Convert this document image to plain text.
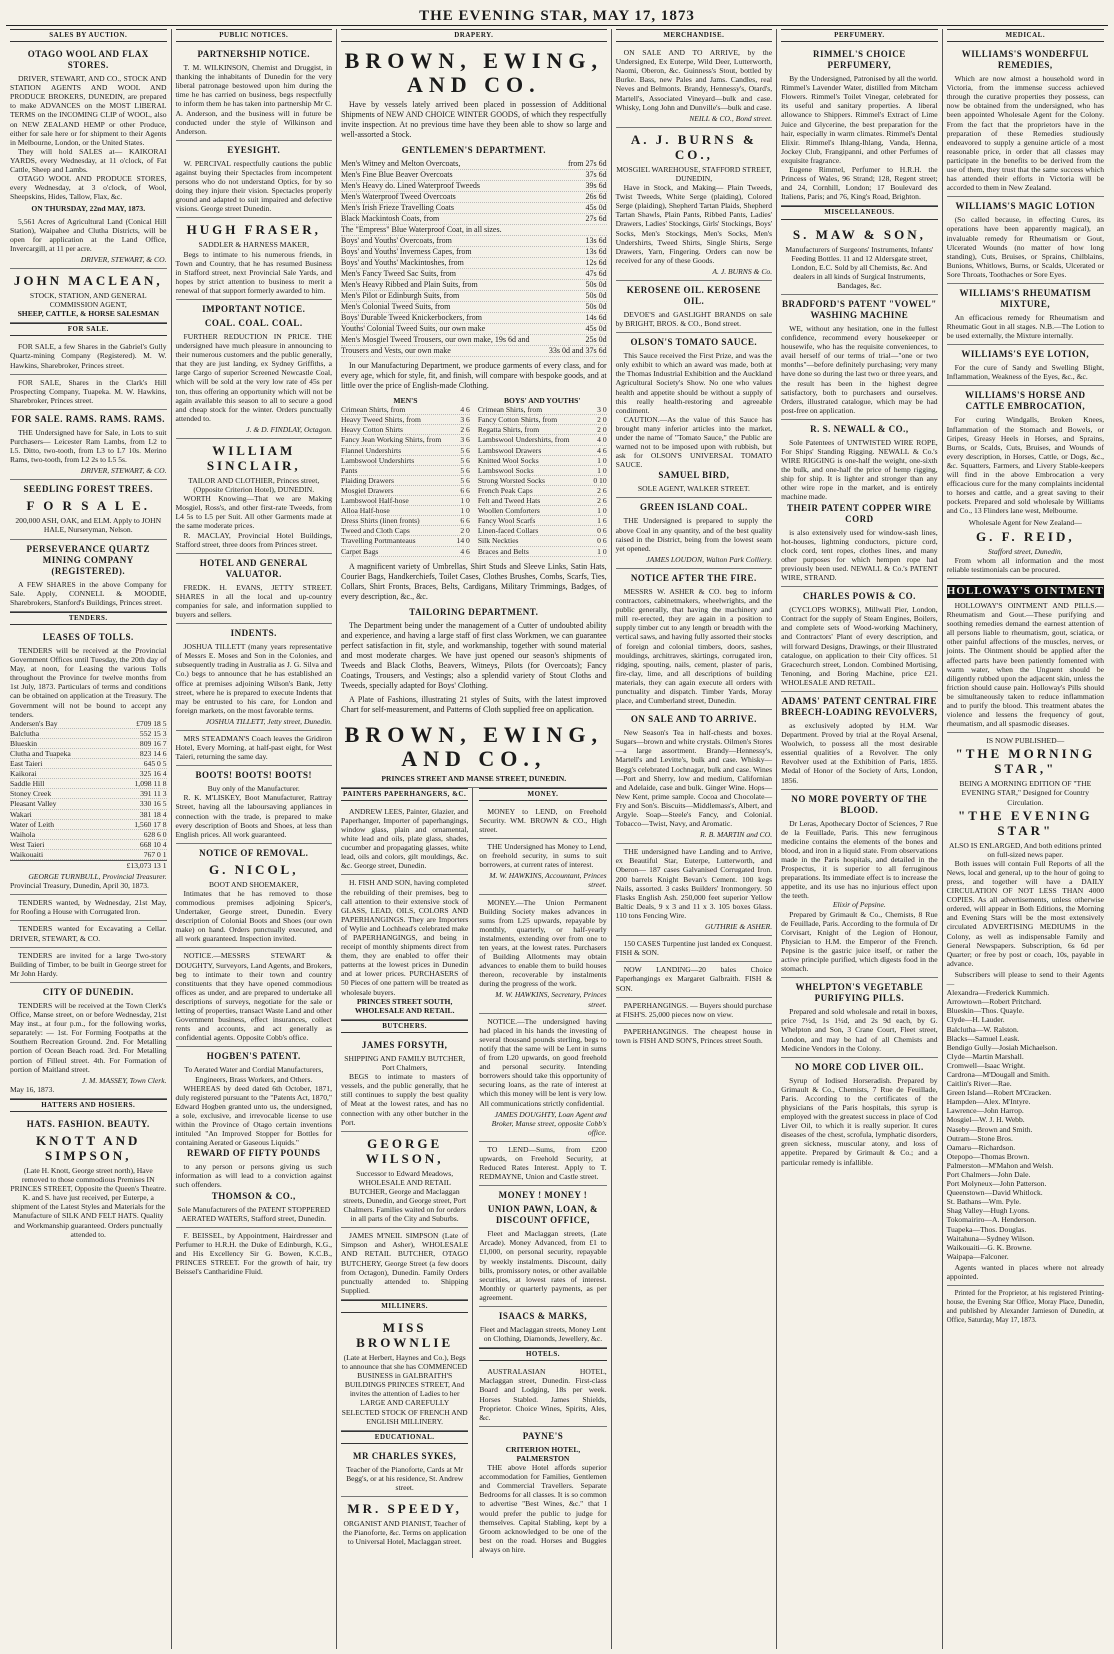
THE EVENING STAR, MAY 17, 1873
SALES BY AUCTION.
OTAGO WOOL AND FLAX STORES.
DRIVER, STEWART, AND CO., STOCK AND STATION AGENTS AND WOOL AND PRODUCE BROKERS, DUNEDIN, are prepared to make ADVANCES on the MOST LIBERAL TERMS on the INCOMING CLIP of WOOL, also on NEW ZEALAND HEMP or other Produce, either for sale here or for shipment to their Agents in Melbourne, London, or the United States.
They will hold SALES at— KAIKORAI YARDS, every Wednesday, at 11 o'clock, of Fat Cattle, Sheep and Lambs.
OTAGO WOOL AND PRODUCE STORES, every Wednesday, at 3 o'clock, of Wool, Sheepskins, Hides, Tallow, Flax, &c.
ON THURSDAY, 22nd MAY, 1873.
5,561 Acres of Agricultural Land (Conical Hill Station), Waipahee and Clutha Districts, will be open for application at the Land Office, Invercargill, at 11 per acre.
DRIVER, STEWART, & CO.
JOHN MACLEAN,
STOCK, STATION, AND GENERAL COMMISSION AGENT,
SHEEP, CATTLE, & HORSE SALESMAN
FOR SALE.
FOR SALE, a few Shares in the Gabriel's Gully Quartz-mining Company (Registered). M. W. Hawkins, Sharebroker, Princes street.
FOR SALE, Shares in the Clark's Hill Prospecting Company, Tuapeka. M. W. Hawkins, Sharebroker, Princes street.
FOR SALE. RAMS. RAMS. RAMS.
THE Undersigned have for Sale, in Lots to suit Purchasers— Leicester Ram Lambs, from L2 to L5. Ditto, two-tooth, from L3 to L7 10s. Merino Rams, two-tooth, from L2 2s to L5 5s.
DRIVER, STEWART, & CO.
SEEDLING FOREST TREES.
F O R S A L E.
200,000 ASH, OAK, and ELM. Apply to JOHN HALE, Nurseryman, Nelson.
PERSEVERANCE QUARTZ MINING COMPANY (REGISTERED).
A FEW SHARES in the above Company for Sale. Apply, CONNELL & MOODIE, Sharebrokers, Stanford's Buildings, Princes street.
TENDERS.
LEASES OF TOLLS.
TENDERS will be received at the Provincial Government Offices until Tuesday, the 20th day of May, at noon, for Leasing the various Tolls throughout the Province for twelve months from 1st July, 1873. Particulars of terms and conditions can be obtained on application at the Treasury. The Government will not be bound to accept any tenders.
Andersen's Bay	£709 18 5
Balclutha	552 15 3
Blueskin	809 16 7
Clutha and Tuapeka	823 14 6
East Taieri	645 0 5
Kaikorai	325 16 4
Saddle Hill	1,098 11 8
Stoney Creek	391 11 3
Pleasant Valley	330 16 5
Wakari	381 18 4
Water of Leith	1,560 17 8
Waihola	628 6 0
West Taieri	668 10 4
Waikouaiti	767 0 1
£13,073 13 1
GEORGE TURNBULL, Provincial Treasurer.
Provincial Treasury, Dunedin, April 30, 1873.
TENDERS wanted, by Wednesday, 21st May, for Roofing a House with Corrugated Iron.
TENDERS wanted for Excavating a Cellar. DRIVER, STEWART, & CO.
TENDERS are invited for a large Two-story Building of Timber, to be built in George street for Mr John Hardy.
CITY OF DUNEDIN.
TENDERS will be received at the Town Clerk's Office, Manse street, on or before Wednesday, 21st May inst., at four p.m., for the following works, separately: — 1st. For Forming Footpaths at the Southern Recreation Ground. 2nd. For Metalling portion of Ocean Beach road. 3rd. For Metalling portion of Filleul street. 4th. For Formation of portion of Maitland street.
J. M. MASSEY, Town Clerk.
May 16, 1873.
HATTERS AND HOSIERS.
HATS. FASHION. BEAUTY.
KNOTT AND SIMPSON,
(Late H. Knott, George street north), Have removed to those commodious Premises IN PRINCES STREET, Opposite the Queen's Theatre. K. and S. have just received, per Euterpe, a shipment of the Latest Styles and Materials for the Manufacture of SILK AND FELT HATS. Quality and Workmanship guaranteed. Orders punctually attended to.
PUBLIC NOTICES.
PARTNERSHIP NOTICE.
T. M. WILKINSON, Chemist and Druggist, in thanking the inhabitants of Dunedin for the very liberal patronage bestowed upon him during the time he has carried on business, begs respectfully to inform them he has taken into partnership Mr C. A. Anderson, and the business will in future be conducted under the style of Wilkinson and Anderson.
EYESIGHT.
W. PERCIVAL respectfully cautions the public against buying their Spectacles from incompetent persons who do not understand Optics, for by so doing they injure their vision. Spectacles properly ground and adapted to suit impaired and defective visions. George street Dunedin.
HUGH FRASER,
SADDLER & HARNESS MAKER,
Begs to intimate to his numerous friends, in Town and Country, that he has resumed Business in Stafford street, next Provincial Sale Yards, and hopes by strict attention to business to merit a renewal of that support formerly awarded to him.
IMPORTANT NOTICE.
COAL. COAL. COAL.
FURTHER REDUCTION IN PRICE. THE undersigned have much pleasure in announcing to their numerous customers and the public generally, that they are just landing, ex Sydney Griffiths, a large Cargo of superior Screened Newcastle Coal, which will be sold at the very low rate of 45s per ton, thus offering an opportunity which will not be again available this season to all to secure a good and cheap stock for the winter. Orders punctually attended to.
J. & D. FINDLAY, Octagon.
WILLIAM SINCLAIR,
TAILOR AND CLOTHIER, Princes street, (Opposite Criterion Hotel), DUNEDIN.
WORTH Knowing—That we are Making Mosgiel, Ross's, and other first-rate Tweeds, from L4 5s to L5 per Suit. All other Garments made at the same moderate prices.
R. MACLAY, Provincial Hotel Buildings, Stafford street, three doors from Princes street.
HOTEL AND GENERAL VALUATOR.
FREDK. H. EVANS, JETTY STREET. SHARES in all the local and up-country companies for sale, and information supplied to buyers and sellers.
INDENTS.
JOSHUA TILLETT (many years representative of Messrs E. Moses and Son in the Colonies, and subsequently trading in Australia as J. G. Silva and Co.) begs to announce that he has established an office at premises adjoining Wilson's Bank, Jetty street, where he is prepared to execute Indents that may be entrusted to his care, for London and foreign markets, on the most favorable terms.
JOSHUA TILLETT, Jetty street, Dunedin.
MRS STEADMAN'S Coach leaves the Gridiron Hotel, Every Morning, at half-past eight, for West Taieri, returning the same day.
BOOTS! BOOTS! BOOTS!
Buy only of the Manufacturer.
R. K. M'LISKEY, Boot Manufacturer, Rattray Street, having all the laboursaving appliances in connection with the trade, is prepared to make every description of Boots and Shoes, at less than English prices. All work guaranteed.
NOTICE OF REMOVAL.
G. NICOL,
BOOT AND SHOEMAKER,
Intimates that he has removed to those commodious premises adjoining Spicer's, Undertaker, George street, Dunedin. Every description of Colonial Boots and Shoes (our own make) on hand. Orders punctually executed, and all work guaranteed. Inspection invited.
NOTICE.—MESSRS STEWART & DOUGHTY, Surveyors, Land Agents, and Brokers, beg to intimate to their town and country constituents that they have opened commodious offices as under, and are prepared to undertake all descriptions of surveys, negotiate for the sale or letting of properties, transact Waste Land and other Government business, effect insurances, collect rents and accounts, and act generally as confidential agents. Opposite Cobb's office.
HOGBEN'S PATENT.
To Aerated Water and Cordial Manufacturers, Engineers, Brass Workers, and Others.
WHEREAS by deed dated 6th October, 1871, duly registered pursuant to the "Patents Act, 1870," Edward Hogben granted unto us, the undersigned, a sole, exclusive, and irrevocable license to use within the Province of Otago certain inventions intituled "An Improved Stopper for Bottles for containing Aerated or Gaseous Liquids."
REWARD OF FIFTY POUNDS
to any person or persons giving us such information as will lead to a conviction against such offenders.
THOMSON & CO.,
Sole Manufacturers of the PATENT STOPPERED AERATED WATERS, Stafford street, Dunedin.
F. BEISSEL, by Appointment, Hairdresser and Perfumer to H.R.H. the Duke of Edinburgh, K.G., and His Excellency Sir G. Bowen, K.C.B., PRINCES STREET. For the growth of hair, try Beissel's Cantharidine Fluid.
DRAPERY.
BROWN, EWING, AND CO.
Have by vessels lately arrived been placed in possession of Additional Shipments of NEW AND CHOICE WINTER GOODS, of which they respectfully invite inspection. At no previous time have they been able to show so large and well-assorted a Stock.
GENTLEMEN'S DEPARTMENT.
Men's Witney and Melton Overcoats,	from 27s 6d
Men's Fine Blue Beaver Overcoats	37s 6d
Men's Heavy do. Lined Waterproof Tweeds	39s 6d
Men's Waterproof Tweed Overcoats	26s 6d
Men's Irish Frieze Travelling Coats	45s 0d
Black Mackintosh Coats, from	27s 6d
The "Empress" Blue Waterproof Coat, in all sizes.
Boys' and Youths' Overcoats, from	13s 6d
Boys' and Youths' Inverness Capes, from	13s 6d
Boys' and Youths' Mackintoshes, from	12s 6d
Men's Fancy Tweed Sac Suits, from	47s 6d
Men's Heavy Ribbed and Plain Suits, from	50s 0d
Men's Pilot or Edinburgh Suits, from	50s 0d
Men's Colonial Tweed Suits, from	50s 0d
Boys' Durable Tweed Knickerbockers, from	14s 6d
Youths' Colonial Tweed Suits, our own make	45s 0d
Men's Mosgiel Tweed Trousers, our own make, 19s 6d and	25s 0d
Trousers and Vests, our own make	33s 0d and 37s 6d
In our Manufacturing Department, we produce garments of every class, and for every age, which for style, fit, and finish, will compare with bespoke goods, and at little over the price of English-made Clothing.
MEN'S
Crimean Shirts, from	4 6
Heavy Tweed Shirts, from	3 6
Heavy Cotton Shirts	2 6
Fancy Jean Working Shirts, from	3 6
Flannel Undershirts	5 6
Lambswool Undershirts	5 6
Pants	5 6
Plaiding Drawers	5 6
Mosgiel Drawers	6 6
Lambswool Half-hose	1 0
Alloa Half-hose	1 0
Dress Shirts (linen fronts)	6 6
Tweed and Cloth Caps	2 0
Travelling Portmanteaus	14 0
Carpet Bags	4 6
BOYS' AND YOUTHS'
Crimean Shirts, from	3 0
Fancy Cotton Shirts, from	2 0
Regatta Shirts, from	2 0
Lambswool Undershirts, from	4 0
Lambswool Drawers	4 6
Knitted Wool Socks	1 0
Lambswool Socks	1 0
Strong Worsted Socks	0 10
French Peak Caps	2 6
Felt and Tweed Hats	2 6
Woollen Comforters	1 0
Fancy Wool Scarfs	1 6
Linen-faced Collars	0 6
Silk Neckties	0 6
Braces and Belts	1 0
A magnificent variety of Umbrellas, Shirt Studs and Sleeve Links, Satin Hats, Courier Bags, Handkerchiefs, Toilet Cases, Clothes Brushes, Combs, Scarfs, Ties, Collars, Shirt Fronts, Braces, Belts, Cardigans, Military Trimmings, Badges, of every description, &c., &c.
TAILORING DEPARTMENT.
The Department being under the management of a Cutter of undoubted ability and experience, and having a large staff of first class Workmen, we can guarantee perfect satisfaction in fit, style, and workmanship, together with sound material and most moderate charges. We have just opened our season's shipments of Tweeds and Black Cloths, Beavers, Witneys, Pilots (for Overcoats); Fancy Coatings, Trousers, and Vestings; also a splendid variety of Stout Cloths and Tweeds, specially adapted for Boys' Clothing.
A Plate of Fashions, illustrating 21 styles of Suits, with the latest improved Chart for self-measurement, and Patterns of Cloth supplied free on application.
BROWN, EWING, AND CO.,
PRINCES STREET AND MANSE STREET, DUNEDIN.
PAINTERS PAPERHANGERS, &C.
ANDREW LEES, Painter, Glazier, and Paperhanger, Importer of paperhangings, window glass, plain and ornamental, white lead and oils, plate glass, shades, cucumber and propagating glasses, white lead, oils and colors, gilt mouldings, &c. &c. George street, Dunedin.
H. FISH AND SON, having completed the rebuilding of their premises, beg to call attention to their extensive stock of GLASS, LEAD, OILS, COLORS AND PAPERHANGINGS. They are Importers of Wylie and Lochhead's celebrated make of PAPERHANGINGS, and being in receipt of monthly shipments direct from them, they are enabled to offer their patterns at the lowest prices in Dunedin and at lower prices. PURCHASERS of 50 Pieces of one pattern will be treated as wholesale buyers.
PRINCES STREET SOUTH, WHOLESALE AND RETAIL.
BUTCHERS.
JAMES FORSYTH,
SHIPPING AND FAMILY BUTCHER, Port Chalmers,
BEGS to intimate to masters of vessels, and the public generally, that he still continues to supply the best quality of Meat at the lowest rates, and has no connection with any other butcher in the Port.
GEORGE WILSON,
Successor to Edward Meadows, WHOLESALE AND RETAIL BUTCHER, George and Maclaggan streets, Dunedin, and George street, Port Chalmers. Families waited on for orders in all parts of the City and Suburbs.
JAMES M'NEIL SIMPSON (Late of Simpson and Asher), WHOLESALE AND RETAIL BUTCHER, OTAGO BUTCHERY, George Street (a few doors from Octagon), Dunedin. Family Orders punctually attended to. Shipping Supplied.
MILLINERS.
MISS BROWNLIE
(Late at Herbert, Haynes and Co.), Begs to announce that she has COMMENCED BUSINESS in GALBRAITH'S BUILDINGS PRINCES STREET, And invites the attention of Ladies to her LARGE AND CAREFULLY SELECTED STOCK OF FRENCH AND ENGLISH MILLINERY.
EDUCATIONAL.
MR CHARLES SYKES,
Teacher of the Pianoforte, Cards at Mr Begg's, or at his residence, St. Andrew street.
MR. SPEEDY,
ORGANIST AND PIANIST, Teacher of the Pianoforte, &c. Terms on application to Universal Hotel, Maclaggan street.
MONEY.
MONEY to LEND, on Freehold Security. WM. BROWN & CO., High street.
THE Undersigned has Money to Lend, on freehold security, in sums to suit borrowers, at current rates of interest.
M. W. HAWKINS, Accountant, Princes street.
MONEY.—The Union Permanent Building Society makes advances in sums from L25 upwards, repayable by monthly, quarterly, or half-yearly instalments, extending over from one to ten years, at the lowest rates. Purchasers of Building Allotments may obtain advances to enable them to build houses thereon, recoverable by instalments during the progress of the work.
M. W. HAWKINS, Secretary, Princes street.
NOTICE.—The undersigned having had placed in his hands the investing of several thousand pounds sterling, begs to notify that the same will be Lent in sums of from L20 upwards, on good freehold and personal security. Intending borrowers should take this opportunity of securing loans, as the rate of interest at which this money will be lent is very low. All communications strictly confidential.
JAMES DOUGHTY, Loan Agent and Broker, Manse street, opposite Cobb's office.
TO LEND—Sums, from £200 upwards, on Freehold Security, at Reduced Rates Interest. Apply to T. REDMAYNE, Union and Castle street.
MONEY ! MONEY !
UNION PAWN, LOAN, & DISCOUNT OFFICE,
Fleet and Maclaggan streets, (Late Arcade). Money Advanced, from £1 to £1,000, on personal security, repayable by weekly instalments. Discount, daily bills, promissory notes, or other available securities, at lowest rates of interest. Monthly or quarterly payments, as per agreement.
ISAACS & MARKS,
Fleet and Maclaggan streets, Money Lent on Clothing, Diamonds, Jewellery, &c.
HOTELS.
AUSTRALASIAN HOTEL, Maclaggan street, Dunedin. First-class Board and Lodging, 18s per week. Horses Stabled. James Shields, Proprietor. Choice Wines, Spirits, Ales, &c.
PAYNE'S
CRITERION HOTEL, PALMERSTON
THE above Hotel affords superior accommodation for Families, Gentlemen and Commercial Travellers. Separate Bedrooms for all classes. It is so common to advertise "Best Wines, &c." that I would prefer the public to judge for themselves. Capital Stabling, kept by a Groom acknowledged to be one of the best on the road. Horses and Buggies always on hire.
MERCHANDISE.
ON SALE AND TO ARRIVE, by the Undersigned, Ex Euterpe, Wild Deer, Lutterworth, Naomi, Oberon, &c. Guinness's Stout, bottled by Burke. Bass, new Pales and Jams. Candles, real Neves and Belmonts. Brandy, Hennessy's, Otard's, Martell's, Associated Vineyard—bulk and case. Whisky, Long John and Dunville's—bulk and case.
NEILL & CO., Bond street.
A. J. BURNS & CO.,
MOSGIEL WAREHOUSE, STAFFORD STREET, DUNEDIN,
Have in Stock, and Making— Plain Tweeds, Twist Tweeds, White Serge (plaiding), Colored Serge (plaiding), Shepherd Tartan Plaids, Shepherd Tartan Shawls, Plain Pants, Ribbed Pants, Ladies' Drawers, Ladies' Stockings, Girls' Stockings, Boys' Socks, Men's Stockings, Men's Socks, Men's Undershirts, Tweed Shirts, Single Shirts, Serge Drawers, Yarn, Fingering. Orders can now be received for any of these Goods.
A. J. BURNS & Co.
KEROSENE OIL. KEROSENE OIL.
DEVOE'S and GASLIGHT BRANDS on sale by BRIGHT, BROS. & CO., Bond street.
OLSON'S TOMATO SAUCE.
This Sauce received the First Prize, and was the only exhibit to which an award was made, both at the Thomas Industrial Exhibition and the Auckland Agricultural Society's Show. No one who values health and appetite should be without a supply of this really health-restoring and agreeable condiment.
CAUTION.—As the value of this Sauce has brought many inferior articles into the market, under the name of "Tomato Sauce," the Public are warned not to be imposed upon with rubbish, but ask for OLSON'S UNIVERSAL TOMATO SAUCE.
SAMUEL BIRD,
SOLE AGENT, WALKER STREET.
GREEN ISLAND COAL.
THE Undersigned is prepared to supply the above Coal in any quantity, and of the best quality raised in the District, being from the lowest seam yet opened.
JAMES LOUDON, Walton Park Colliery.
NOTICE AFTER THE FIRE.
MESSRS W. ASHER & CO. beg to inform contractors, cabinetmakers, wheelwrights, and the public generally, that having the machinery and mill re-erected, they are again in a position to supply timber cut to any length or breadth with the vertical saws, and having fully assorted their stocks of foreign and colonial timbers, doors, sashes, mouldings, architraves, skirtings, corrugated iron, ridging, spouting, nails, cement, plaster of paris, fire-clay, lime, and all descriptions of building materials, they can again execute all orders with punctuality and dispatch. Timber Yards, Moray place, and Cumberland street, Dunedin.
ON SALE AND TO ARRIVE.
New Season's Tea in half-chests and boxes. Sugars—brown and white crystals. Oilmen's Stores—a large assortment. Brandy—Hennessy's, Martell's and Levitte's, bulk and case. Whisky—Begg's celebrated Lochnagar, bulk and case. Wines—Port and Sherry, low and medium, Californian and Adelaide, case and bulk. Ginger Wine. Hops—New Kent, prime sample. Cocoa and Chocolate—Fry and Son's. Biscuits—Middlemass's, Albert, and Argyle. Soap—Steele's Fancy, and Colonial. Tobacco—Twist, Navy, and Aromatic.
R. B. MARTIN and CO.
THE undersigned have Landing and to Arrive, ex Beautiful Star, Euterpe, Lutterworth, and Oberon— 187 cases Galvanised Corrugated Iron. 200 barrels Knight Bevan's Cement. 100 kegs Nails, assorted. 3 casks Builders' Ironmongery. 50 Flasks English Ash. 250,000 feet superior Yellow Baltic Deals, 9 x 3 and 11 x 3. 105 boxes Glass. 110 tons Fencing Wire.
GUTHRIE & ASHER.
150 CASES Turpentine just landed ex Conquest. FISH & SON.
NOW LANDING—20 bales Choice Paperhangings ex Margaret Galbraith. FISH & SON.
PAPERHANGINGS. — Buyers should purchase at FISH'S. 25,000 pieces now on view.
PAPERHANGINGS. The cheapest house in town is FISH AND SON'S, Princes street South.
PERFUMERY.
RIMMEL'S CHOICE PERFUMERY,
By the Undersigned, Patronised by all the world. Rimmel's Lavender Water, distilled from Mitcham Flowers. Rimmel's Toilet Vinegar, celebrated for its useful and sanitary properties. A liberal allowance to Shippers. Rimmel's Extract of Lime Juice and Glycerine, the best preparation for the hair, especially in warm climates. Rimmel's Dental Elixir. Rimmel's Ihlang-Ihlang, Vanda, Henna, Jockey Club, Frangipanni, and other Perfumes of exquisite fragrance.
Eugene Rimmel, Perfumer to H.R.H. the Princess of Wales, 96 Strand; 128, Regent street; and 24, Cornhill, London; 17 Boulevard des Italiens, Paris; and 76, King's Road, Brighton.
MISCELLANEOUS.
S. MAW & SON,
Manufacturers of Surgeons' Instruments, Infants' Feeding Bottles. 11 and 12 Aldersgate street, London, E.C. Sold by all Chemists, &c. And dealers in all kinds of Surgical Instruments, Bandages, &c.
BRADFORD'S PATENT "VOWEL" WASHING MACHINE
WE, without any hesitation, one in the fullest confidence, recommend every housekeeper or housewife, who has the requisite conveniences, to avail herself of our terms of trial—"one or two months"—before definitely purchasing; very many have done so during the last two or three years, and the result has been in the highest degree satisfactory, both to purchasers and ourselves. Orders, illustrated catalogue, which may be had post-free on application.
R. S. NEWALL & CO.,
Sole Patentees of UNTWISTED WIRE ROPE, For Ships' Standing Rigging. NEWALL & Co.'s WIRE RIGGING is one-half the weight, one-sixth the bulk, and one-half the price of hemp rigging, ship for ship. It is lighter and stronger than any other wire rope in the market, and is entirely machine made.
THEIR PATENT COPPER WIRE CORD
is also extensively used for window-sash lines, hot-houses, lightning conductors, picture cord, clock cord, tent ropes, clothes lines, and many other purposes for which hempen rope had previously been used. NEWALL & Co.'s PATENT WIRE, STRAND.
CHARLES POWIS & CO.
(CYCLOPS WORKS), Millwall Pier, London, Contract for the supply of Steam Engines, Boilers, and complete sets of Wood-working Machinery, and Contractors' Plant of every description, and will forward Designs, Drawings, or their Illustrated catalogue, on application to their City offices. 51 Gracechurch street, London. Combined Mortising, Tenoning, and Boring Machine, price £21. WHOLESALE AND RETAIL.
ADAMS' PATENT CENTRAL FIRE BREECH-LOADING REVOLVERS,
as exclusively adopted by H.M. War Department. Proved by trial at the Royal Arsenal, Woolwich, to possess all the most desirable essential qualities of a Revolver. The only Revolver used at the Exhibition of Paris, 1855. Medal of Honor of the Society of Arts, London, 1856.
NO MORE POVERTY OF THE BLOOD.
Dr Leras, Apothecary Doctor of Sciences, 7 Rue de la Feuillade, Paris. This new ferruginous medicine contains the elements of the bones and blood, and iron in a liquid state. From observations made in the Paris hospitals, and detailed in the Prospectus, it is superior to all ferruginous preparations. Its immediate effect is to increase the appetite, and its use has no injurious effect upon the teeth.
Elixir of Pepsine.
Prepared by Grimault & Co., Chemists, 8 Rue de Feuillade, Paris. According to the formula of Dr Corvisart, Knight of the Legion of Honour, Physician to H.M. the Emperor of the French. Pepsine is the gastric juice itself, or rather the active principle purified, which digests food in the stomach.
WHELPTON'S VEGETABLE PURIFYING PILLS.
Prepared and sold wholesale and retail in boxes, price 7½d, 1s 1½d, and 2s 9d each, by G. Whelpton and Son, 3 Crane Court, Fleet street, London, and may be had of all Chemists and Medicine Vendors in the Colony.
NO MORE COD LIVER OIL.
Syrup of Iodised Horseradish. Prepared by Grimault & Co., Chemists, 7 Rue de Feuillade, Paris. According to the certificates of the physicians of the Paris hospitals, this syrup is employed with the greatest success in place of Cod Liver Oil, to which it is really superior. It cures diseases of the chest, scrofula, lymphatic disorders, green sickness, muscular atony, and loss of appetite. Prepared by Grimault & Co.; and a particular remedy is infallible.
MEDICAL.
WILLIAMS'S WONDERFUL REMEDIES,
Which are now almost a household word in Victoria, from the immense success achieved through the curative properties they possess, can now be obtained from the undersigned, who has been appointed Wholesale Agent for the Colony. From the fact that the proprietors have in the preparation of these Remedies studiously endeavored to supply a genuine article of a most reasonable price, in order that all classes may participate in the benefits to be derived from the use of them, they trust that the same success which has attended their efforts in Victoria will be accorded to them in New Zealand.
WILLIAMS'S MAGIC LOTION
(So called because, in effecting Cures, its operations have been apparently magical), an invaluable remedy for Rheumatism or Gout, Ulcerated Wounds (no matter of how long standing), Cuts, Bruises, or Sprains, Chilblains, Bunions, Whitlows, Burns, or Scalds, Ulcerated or Sore Throats, Toothaches or Sore Eyes.
WILLIAMS'S RHEUMATISM MIXTURE,
An efficacious remedy for Rheumatism and Rheumatic Gout in all stages. N.B.—The Lotion to be used externally, the Mixture internally.
WILLIAMS'S EYE LOTION,
For the cure of Sandy and Swelling Blight, Inflammation, Weakness of the Eyes, &c., &c.
WILLIAMS'S HORSE AND CATTLE EMBROCATION,
For curing Windgalls, Broken Knees, Inflammation of the Stomach and Bowels, or Gripes, Greasy Heels in Horses, and Sprains, Burns, or Scalds, Cuts, Bruises, and Wounds of every description, in Horses, Cattle, or Dogs, &c., &c. Squatters, Farmers, and Livery Stable-keepers will find in the above Embrocation a very efficacious cure for the many complaints incidental to horses and cattle, and a great saving to their pockets. Prepared and sold wholesale by Williams and Co., 13 Flinders lane west, Melbourne.
Wholesale Agent for New Zealand—
G. F. REID,
Stafford street, Dunedin,
From whom all information and the most reliable testimonials can be procured.
HOLLOWAY'S OINTMENT
HOLLOWAY'S OINTMENT AND PILLS.—Rheumatism and Gout.—These purifying and soothing remedies demand the earnest attention of all persons liable to rheumatism, gout, sciatica, or other painful affections of the muscles, nerves, or joints. The Ointment should be applied after the affected parts have been patiently fomented with warm water, when the Unguent should be diligently rubbed upon the adjacent skin, unless the friction should cause pain. Holloway's Pills should be simultaneously taken to reduce inflammation and to purify the blood. This treatment abates the violence and lessens the frequency of gout, rheumatism, and all spasmodic diseases.
IS NOW PUBLISHED—
"THE MORNING STAR,"
BEING A MORNING EDITION OF "THE EVENING STAR," Designed for Country Circulation.
"THE EVENING STAR"
ALSO IS ENLARGED, And both editions printed on full-sized news paper.
Both issues will contain Full Reports of all the News, local and general, up to the hour of going to press, and together will have a DAILY CIRCULATION OF NOT LESS THAN 4000 COPIES. As all advertisements, unless otherwise ordered, will appear in Both Editions, the Morning and Evening Stars will be the most extensively circulated ADVERTISING MEDIUMS in the Colony, as well as indispensable Family and General Newspapers. Subscription, 6s 6d per Quarter; or free by post or coach, 10s, payable in advance.
Subscribers will please to send to their Agents —
Alexandra—Frederick Kummich.
Arrowtown—Robert Pritchard.
Blueskin—Thos. Quayle.
Clyde—H. Lauder.
Balclutha—W. Ralston.
Blacks—Samuel Leask.
Bendigo Gully—Josiah Michaelson.
Clyde—Martin Marshall.
Cromwell—Isaac Wright.
Cardrona—M'Dougall and Smith.
Caitlin's River—Rae.
Green Island—Robert M'Cracken.
Hampden—Alex. M'Intyre.
Lawrence—John Harrop.
Mosgiel—W. J. H. Webb.
Naseby—Brown and Smith.
Outram—Stone Bros.
Oamaru—Richardson.
Otepopo—Thomas Brown.
Palmerston—M'Mahon and Welsh.
Port Chalmers—John Dale.
Port Molyneux—John Patterson.
Queenstown—David Whitlock.
St. Bathans—Wm. Pyle.
Shag Valley—Hugh Lyons.
Tokomairiro—A. Henderson.
Tuapeka—Thos. Douglas.
Waitahuna—Sydney Wilson.
Waikouaiti—G. K. Browne.
Waipapa—Falconer.
Agents wanted in places where not already appointed.
Printed for the Proprietor, at his registered Printing-house, the Evening Star Office, Moray Place, Dunedin, and published by Alexander Jamieson of Dunedin, at Office, Saturday, May 17, 1873.
